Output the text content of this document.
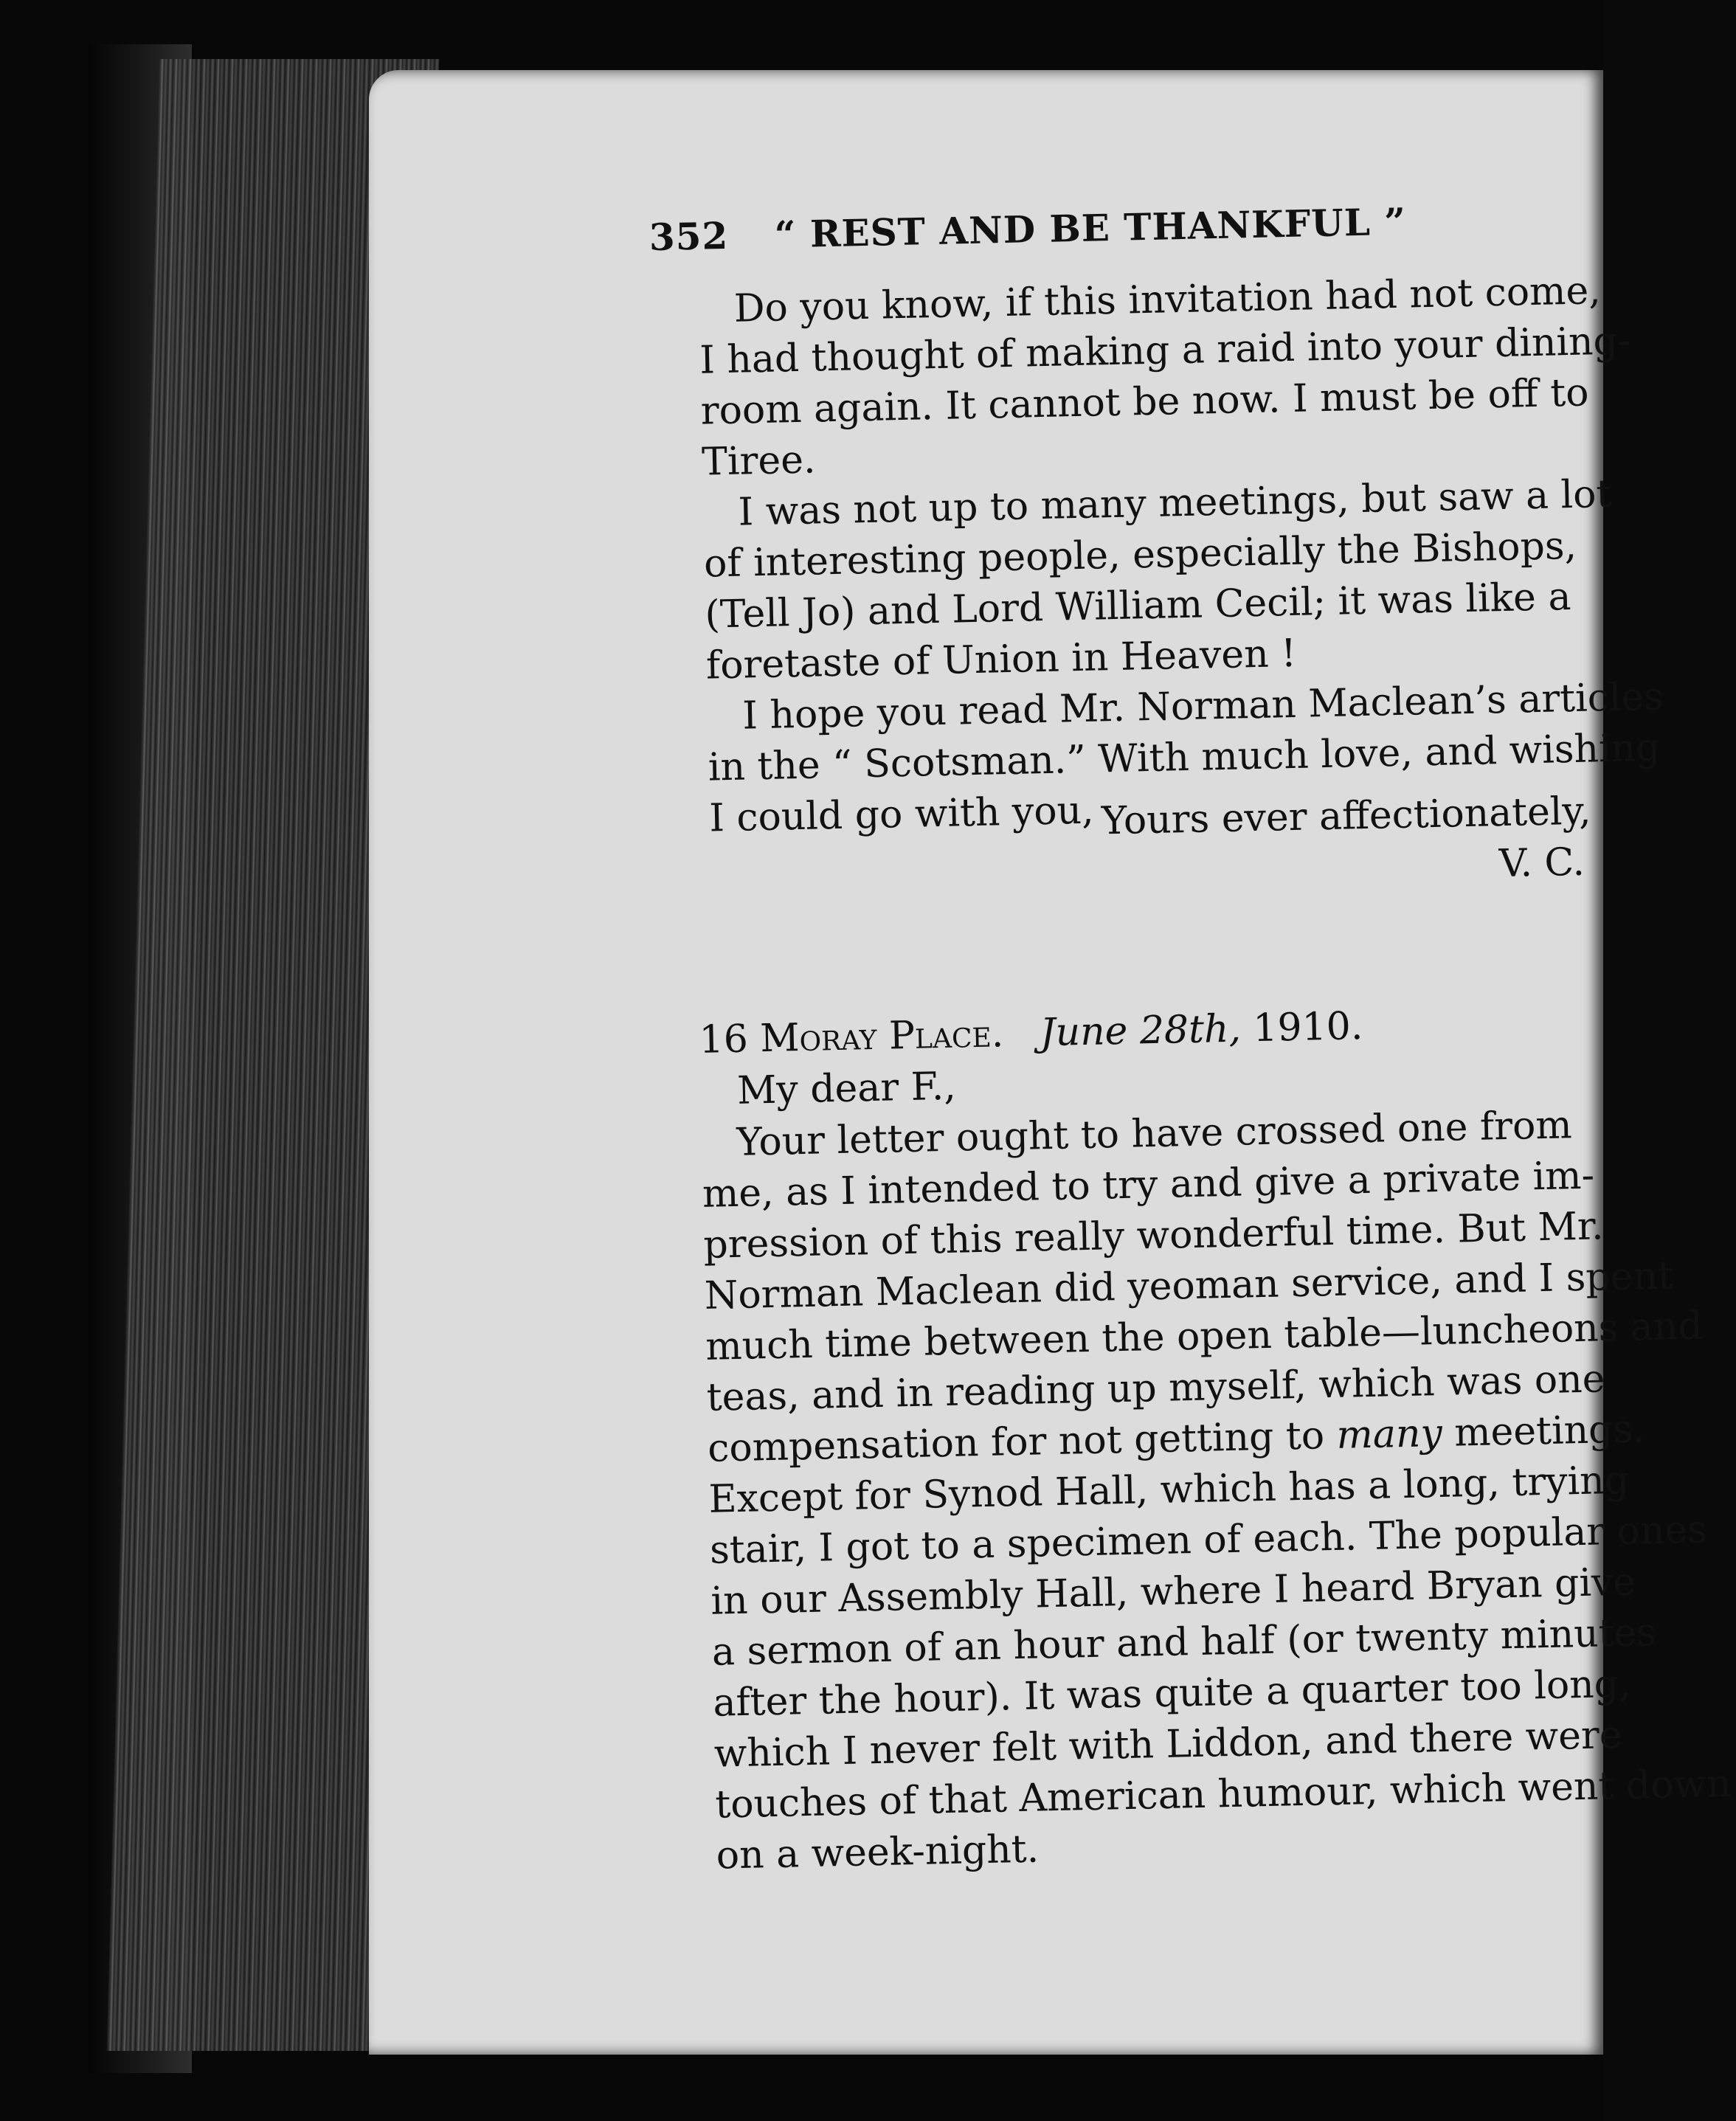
352 “ REST AND BE THANKFUL ”

Do you know, if this invitation had not come,
I had thought of making a raid into your dining-
room again. It cannot be now. I must be off to
Tiree.

I was not up to many meetings, but saw a lot
of interesting people, especially the Bishops,
(Tell Jo) and Lord William Cecil; it was like a
foretaste of Union in Heaven !

I hope you read Mr. Norman Maclean’s articles
in the “ Scotsman.” With much love, and wishing
I could go with you, Yours ever affectionately,
V. C.
16 Moray Place. June 28th, 1910.
My dear F.,

Your letter ought to have crossed one from
me, as I intended to try and give a private im-
pression of this really wonderful time. But Mr.
Norman Maclean did yeoman service, and I spent
much time between the open table—luncheons and
teas, and in reading up myself, which was one
compensation for not getting to many meetings.
Except for Synod Hall, which has a long, trying
stair, I got to a specimen of each. The popular ones
in our Assembly Hall, where I heard Bryan give
a sermon of an hour and half (or twenty minutes
after the hour). It was quite a quarter too long,
which I never felt with Liddon, and there were
touches of that American humour, which went down
on a week-night.
